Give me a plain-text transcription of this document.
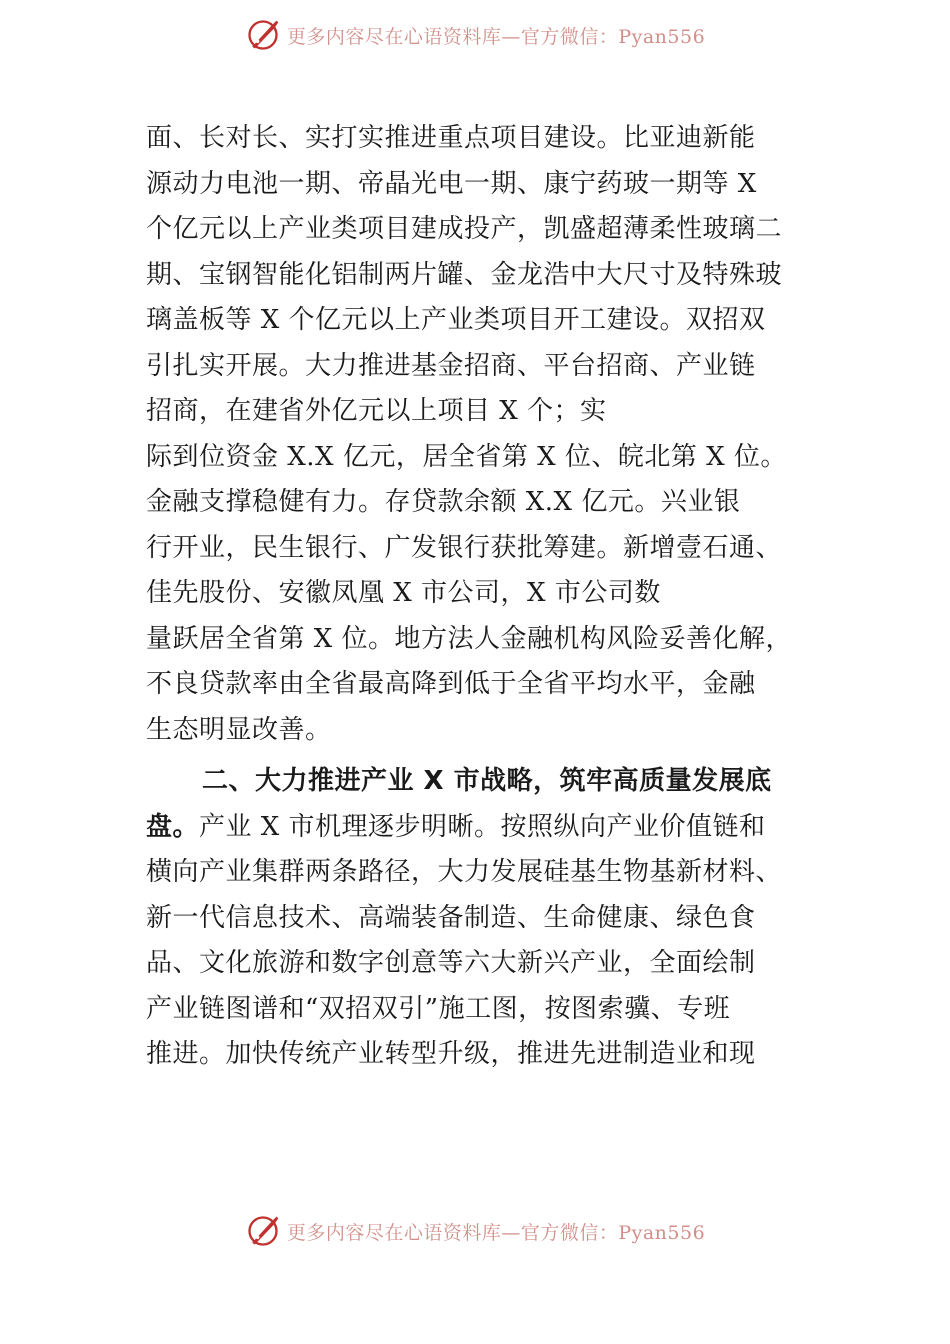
更多内容尽在心语资料库—官方微信：Pyan556
面、长对长、实打实推进重点项目建设。比亚迪新能
源动力电池一期、帝晶光电一期、康宁药玻一期等 X
个亿元以上产业类项目建成投产，凯盛超薄柔性玻璃二
期、宝钢智能化铝制两片罐、金龙浩中大尺寸及特殊玻
璃盖板等 X 个亿元以上产业类项目开工建设。双招双
引扎实开展。大力推进基金招商、平台招商、产业链
招商，在建省外亿元以上项目 X 个；实
际到位资金 X.X 亿元，居全省第 X 位、皖北第 X 位。
金融支撑稳健有力。存贷款余额 X.X 亿元。兴业银
行开业，民生银行、广发银行获批筹建。新增壹石通、
佳先股份、安徽凤凰 X 市公司，X 市公司数
量跃居全省第 X 位。地方法人金融机构风险妥善化解，
不良贷款率由全省最高降到低于全省平均水平，金融
生态明显改善。
二、大力推进产业 X 市战略，筑牢高质量发展底
盘。产业 X 市机理逐步明晰。按照纵向产业价值链和
横向产业集群两条路径，大力发展硅基生物基新材料、
新一代信息技术、高端装备制造、生命健康、绿色食
品、文化旅游和数字创意等六大新兴产业，全面绘制
产业链图谱和“双招双引”施工图，按图索骥、专班
推进。加快传统产业转型升级，推进先进制造业和现
更多内容尽在心语资料库—官方微信：Pyan556
